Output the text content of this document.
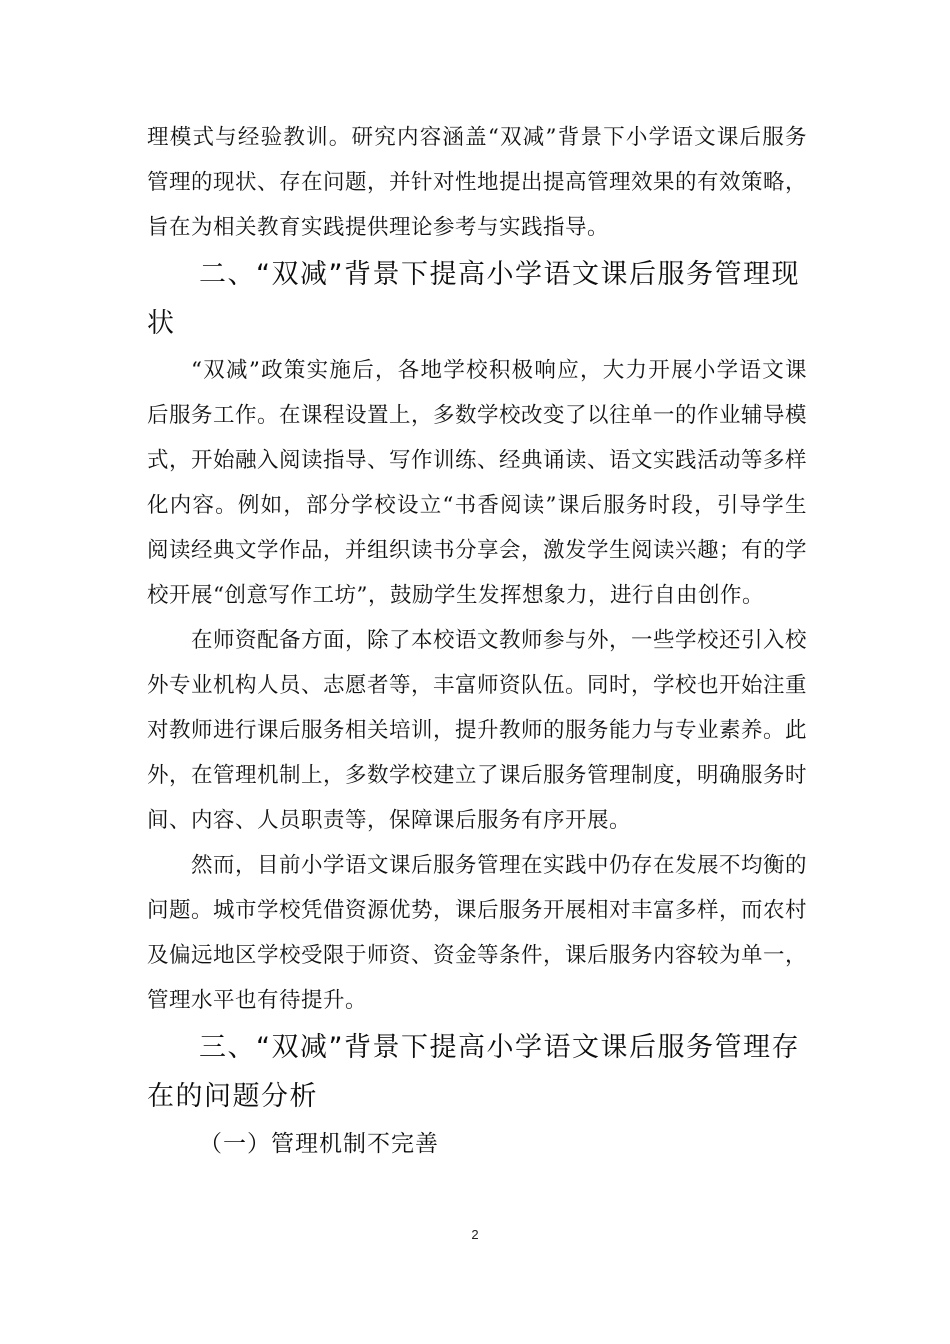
理模式与经验教训。研究内容涵盖“双减”背景下小学语文课后服务管理的现状、存在问题，并针对性地提出提高管理效果的有效策略，旨在为相关教育实践提供理论参考与实践指导。

二、“双减”背景下提高小学语文课后服务管理现状

“双减”政策实施后，各地学校积极响应，大力开展小学语文课后服务工作。在课程设置上，多数学校改变了以往单一的作业辅导模式，开始融入阅读指导、写作训练、经典诵读、语文实践活动等多样化内容。例如，部分学校设立“书香阅读”课后服务时段，引导学生阅读经典文学作品，并组织读书分享会，激发学生阅读兴趣；有的学校开展“创意写作工坊”，鼓励学生发挥想象力，进行自由创作。

在师资配备方面，除了本校语文教师参与外，一些学校还引入校外专业机构人员、志愿者等，丰富师资队伍。同时，学校也开始注重对教师进行课后服务相关培训，提升教师的服务能力与专业素养。此外，在管理机制上，多数学校建立了课后服务管理制度，明确服务时间、内容、人员职责等，保障课后服务有序开展。

然而，目前小学语文课后服务管理在实践中仍存在发展不均衡的问题。城市学校凭借资源优势，课后服务开展相对丰富多样，而农村及偏远地区学校受限于师资、资金等条件，课后服务内容较为单一，管理水平也有待提升。

三、“双减”背景下提高小学语文课后服务管理存在的问题分析
（一）管理机制不完善
2
